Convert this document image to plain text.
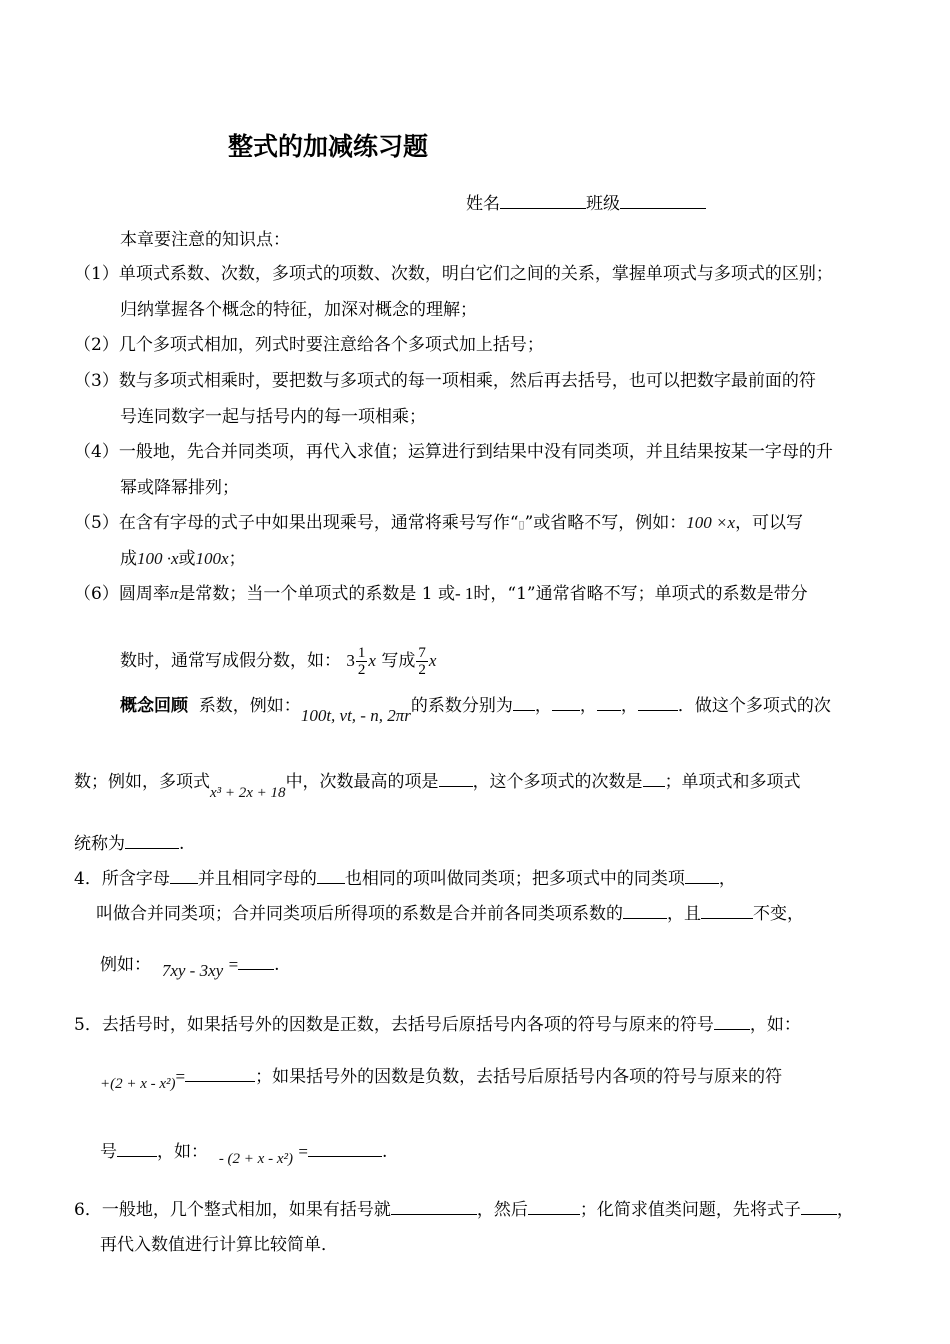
整式的加减练习题
姓名	班级
本章要注意的知识点：
（1）单项式系数、次数，多项式的项数、次数，明白它们之间的关系，掌握单项式与多项式的区别；
归纳掌握各个概念的特征，加深对概念的理解；
（2）几个多项式相加，列式时要注意给各个多项式加上括号；
（3）数与多项式相乘时，要把数与多项式的每一项相乘，然后再去括号，也可以把数字最前面的符
号连同数字一起与括号内的每一项相乘；
（4）一般地，先合并同类项，再代入求值；运算进行到结果中没有同类项，并且结果按某一字母的升
幂或降幂排列；
（5）在含有字母的式子中如果出现乘号，通常将乘号写作“▯”或省略不写，例如：100 ×x，可以写
成100 ·x或100x；
（6）圆周率π是常数；当一个单项式的系数是 1 或- 1时，“1”通常省略不写；单项式的系数是带分
数时，通常写成假分数，如： $3 \frac{1}{2}$ x 写成 $\frac{7}{2}$ x
概念回顾 系数，例如：100t, vt, - n, 2πr的系数分别为 ， ， ， ．做这个多项式的次
数；例如，多项式x³ + 2x + 18中，次数最高的项是 ，这个多项式的次数是 ；单项式和多项式
统称为	.
4．所含字母 并且相同字母的 也相同的项叫做同类项；把多项式中的同类项 ，
叫做合并同类项；合并同类项后所得项的系数是合并前各同类项系数的	，且	不变，
例如： 7xy - 3xy = .
5．去括号时，如果括号外的因数是正数，去括号后原括号内各项的符号与原来的符号 ，如：
+(2 + x - x²)=	；如果括号外的因数是负数，去括号后原括号内各项的符号与原来的符
号 ，如： - (2 + x - x²) =	.
6．一般地，几个整式相加，如果有括号就	，然后	；化简求值类问题，先将式子 ，
再代入数值进行计算比较简单．
